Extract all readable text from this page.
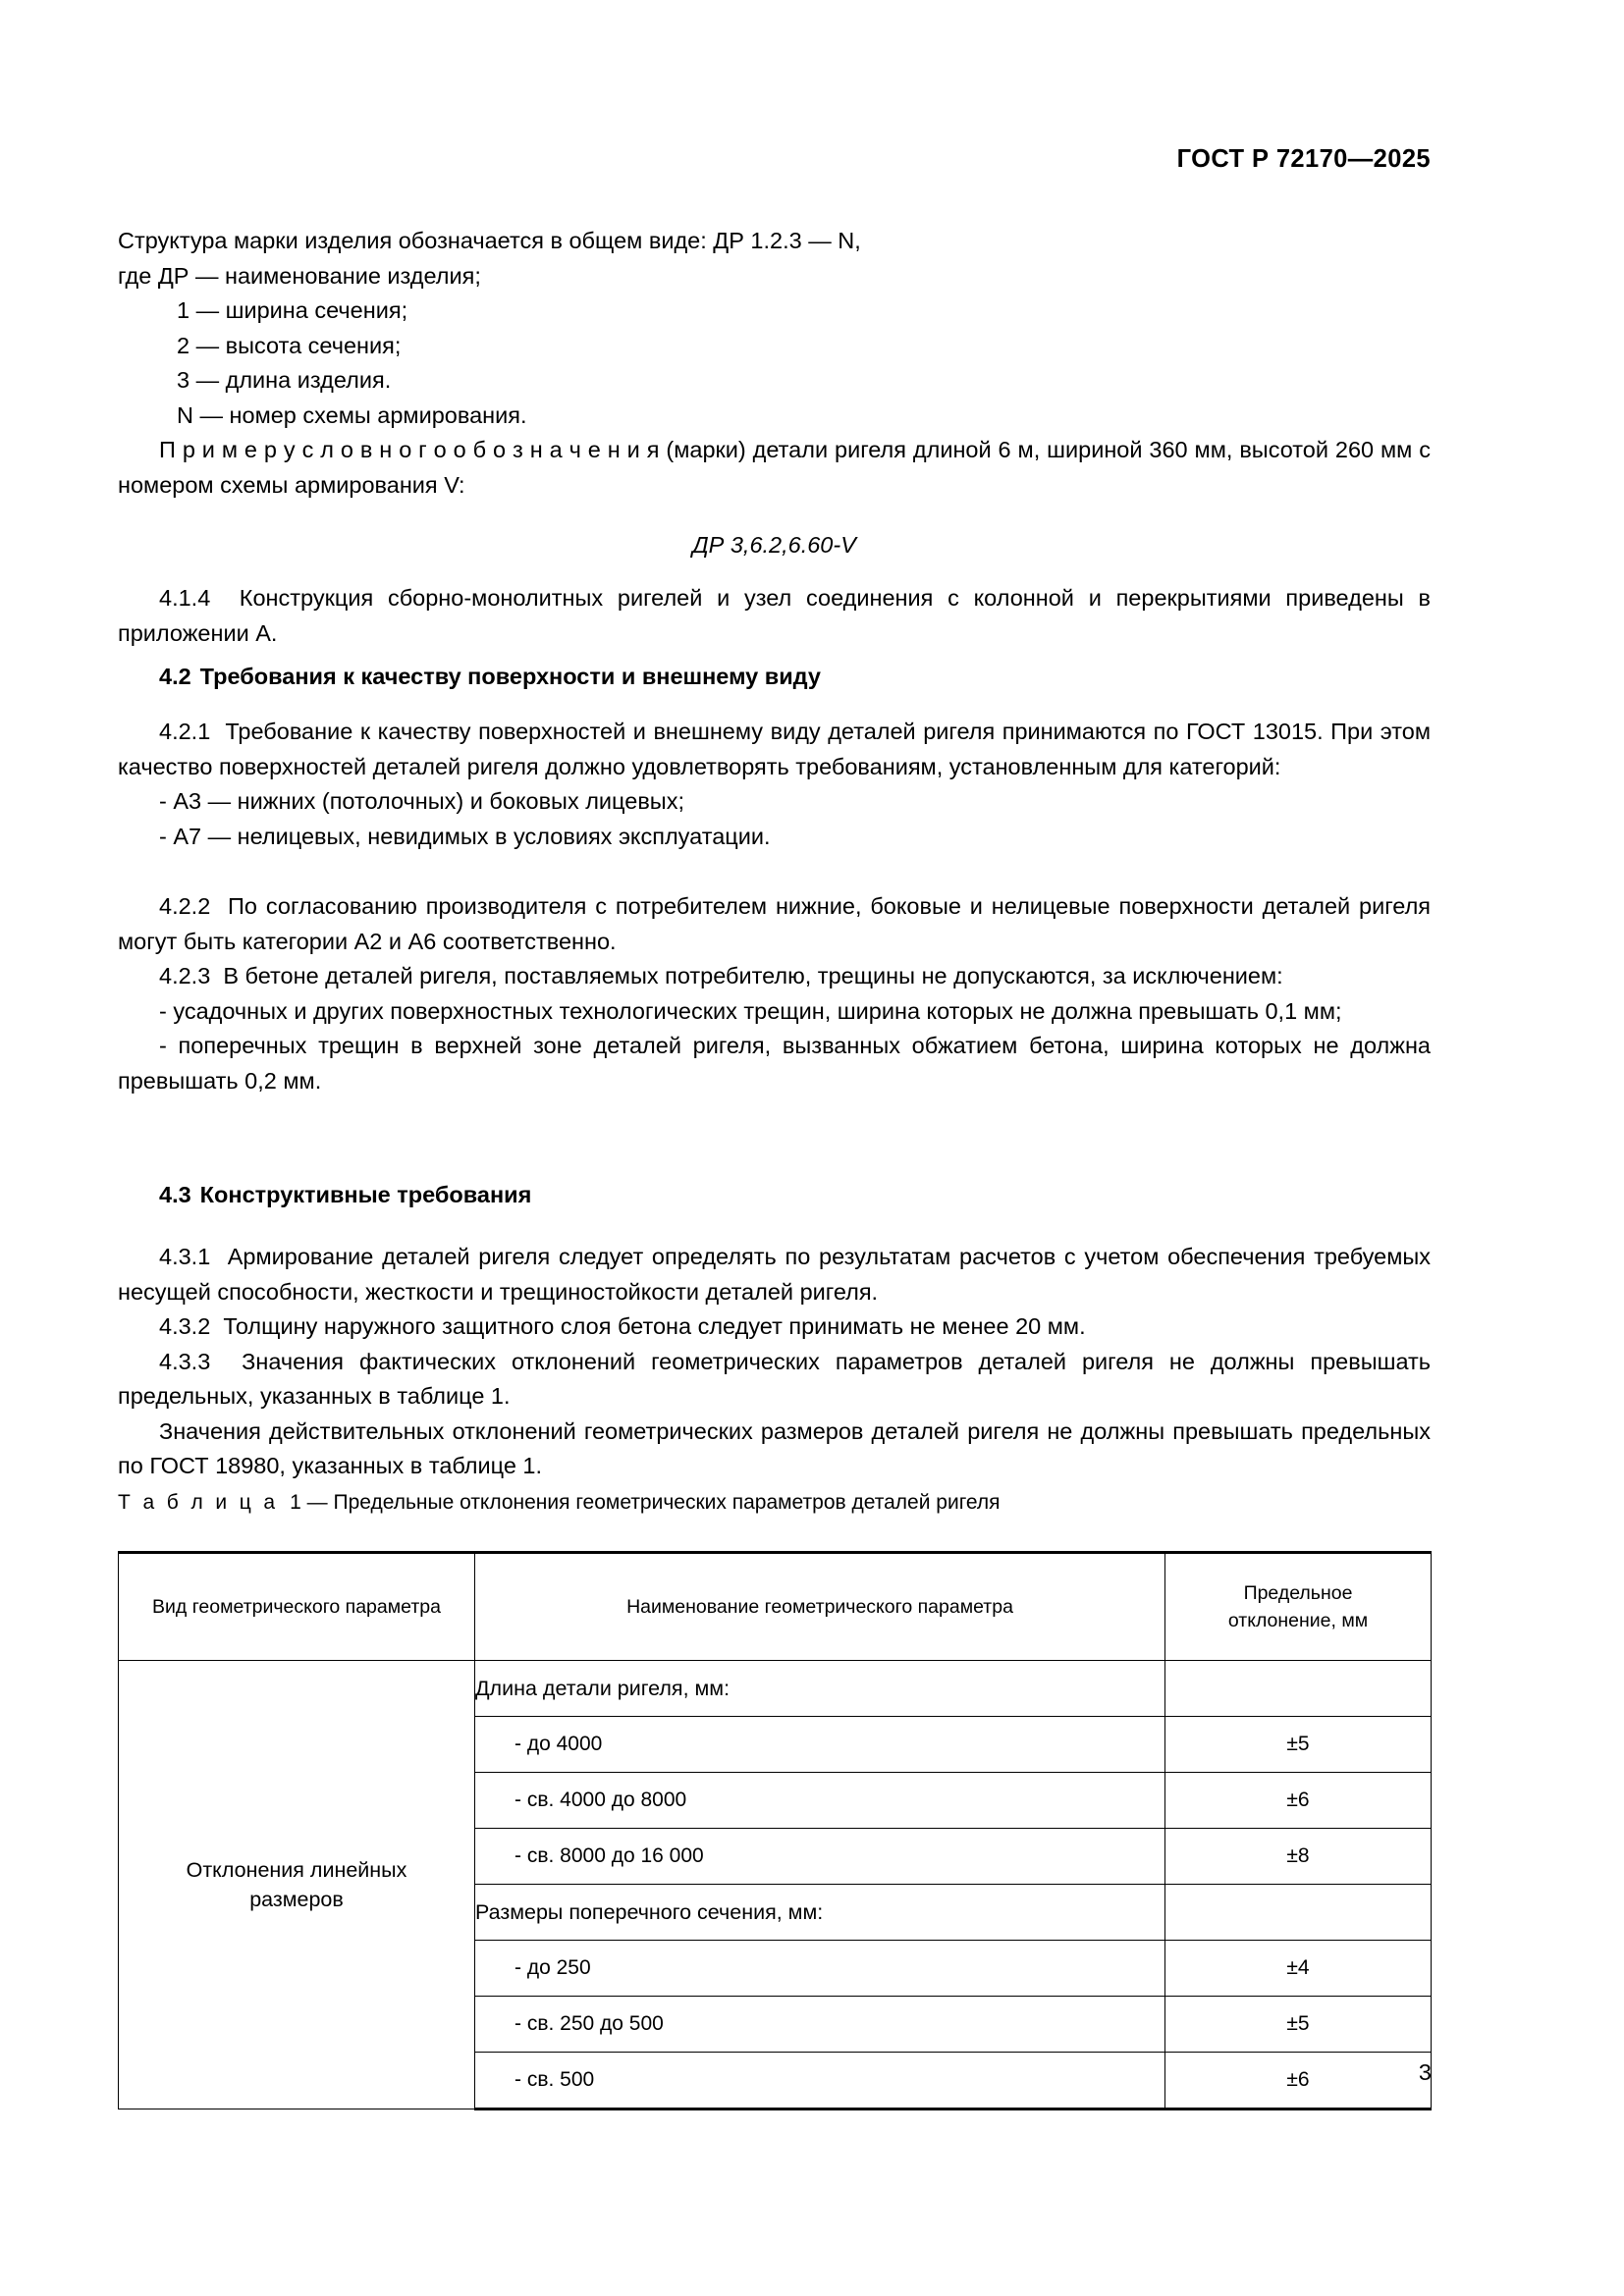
ГОСТ Р 72170—2025

Структура марки изделия обозначается в общем виде: ДР 1.2.3 — N,

где ДР — наименование изделия;

1 — ширина сечения;

2 — высота сечения;

3 — длина изделия.

N — номер схемы армирования.

П р и м е р у с л о в н о г о о б о з н а ч е н и я (марки) детали ригеля длиной 6 м, шириной 360 мм, высотой 260 мм с номером схемы армирования V:

ДР 3,6.2,6.60-V

4.1.4 Конструкция сборно-монолитных ригелей и узел соединения с колонной и перекрытиями приведены в приложении А.

4.2 Требования к качеству поверхности и внешнему виду

4.2.1 Требование к качеству поверхностей и внешнему виду деталей ригеля принимаются по ГОСТ 13015. При этом качество поверхностей деталей ригеля должно удовлетворять требованиям, установленным для категорий:

- А3 — нижних (потолочных) и боковых лицевых;

- А7 — нелицевых, невидимых в условиях эксплуатации.

4.2.2 По согласованию производителя с потребителем нижние, боковые и нелицевые поверхности деталей ригеля могут быть категории А2 и А6 соответственно.

4.2.3 В бетоне деталей ригеля, поставляемых потребителю, трещины не допускаются, за исключением:

- усадочных и других поверхностных технологических трещин, ширина которых не должна превышать 0,1 мм;

- поперечных трещин в верхней зоне деталей ригеля, вызванных обжатием бетона, ширина которых не должна превышать 0,2 мм.

4.3 Конструктивные требования

4.3.1 Армирование деталей ригеля следует определять по результатам расчетов с учетом обеспечения требуемых несущей способности, жесткости и трещиностойкости деталей ригеля.

4.3.2 Толщину наружного защитного слоя бетона следует принимать не менее 20 мм.

4.3.3 Значения фактических отклонений геометрических параметров деталей ригеля не должны превышать предельных, указанных в таблице 1.

Значения действительных отклонений геометрических размеров деталей ригеля не должны превышать предельных по ГОСТ 18980, указанных в таблице 1.

Т а б л и ц а 1 — Предельные отклонения геометрических параметров деталей ригеля

Вид геометрического параметра	Наименование геометрического параметра	Предельное
отклонение, мм
Отклонения линейных
размеров	Длина детали ригеля, мм:	
	- до 4000	±5
	- св. 4000 до 8000	±6
	- св. 8000 до 16 000	±8
	Размеры поперечного сечения, мм:	
	- до 250	±4
	- св. 250 до 500	±5
	- св. 500	±6	3
